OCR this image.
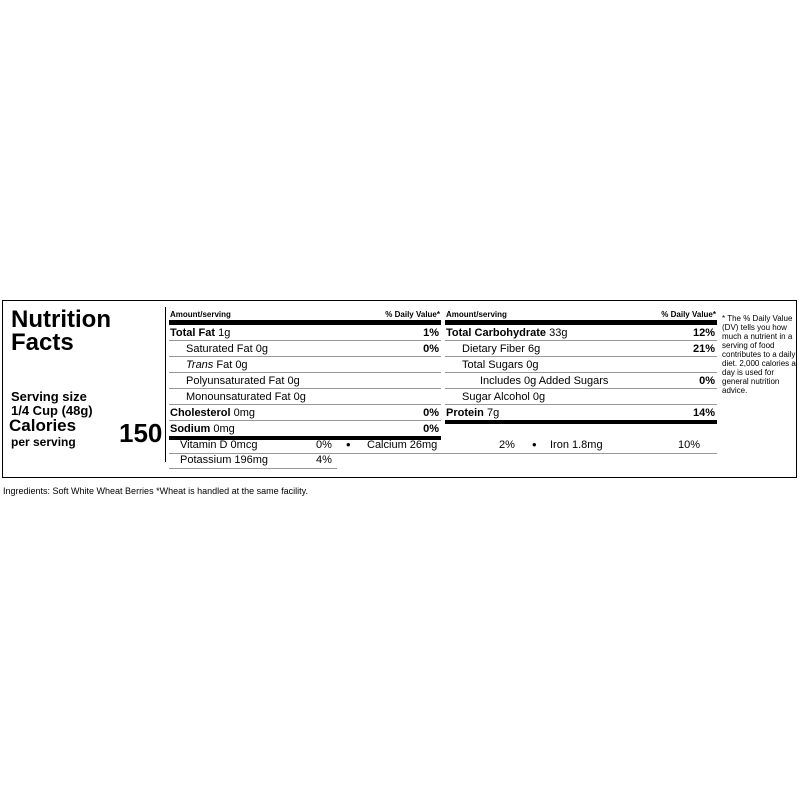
Nutrition
Facts
Serving size
1/4 Cup (48g)
Calories
per serving 150
Amount/serving	% Daily Value*
Total Fat 1g	1%
Saturated Fat 0g	0%
Trans Fat 0g
Polyunsaturated Fat 0g
Monounsaturated Fat 0g
Cholesterol 0mg	0%
Sodium 0mg	0%
Amount/serving	% Daily Value*
Total Carbohydrate 33g	12%
Dietary Fiber 6g	21%
Total Sugars 0g
Includes 0g Added Sugars	0%
Sugar Alcohol 0g
Protein 7g	14%
Vitamin D 0mcg	0% • Calcium 26mg	2% • Iron 1.8mg	10%
Potassium 196mg	4%
* The % Daily Value (DV) tells you how much a nutrient in a serving of food contributes to a daily diet. 2,000 calories a day is used for general nutrition advice.
Ingredients: Soft White Wheat Berries *Wheat is handled at the same facility.
